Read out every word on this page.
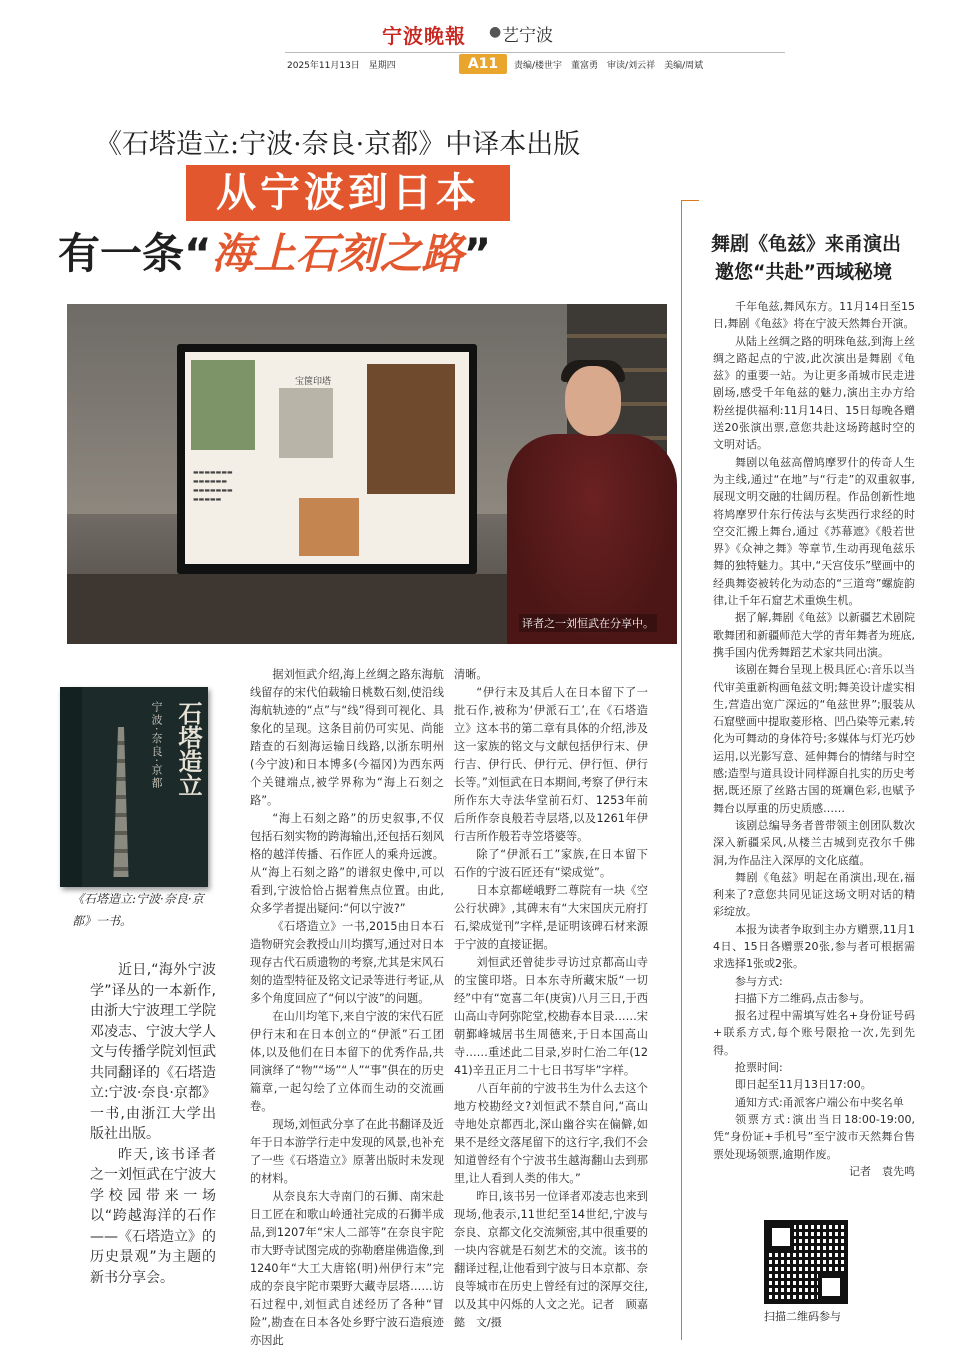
宁波晚報 ● 艺宁波
2025年11月13日　星期四	A11	责编/楼世宇　董富勇　审读/刘云祥　美编/周斌
《石塔造立:宁波·奈良·京都》中译本出版
从宁波到日本
有一条“海上石刻之路”
宝箧印塔
▬▬▬▬▬▬▬
▬▬▬▬▬▬
▬▬▬▬▬▬▬
▬▬▬▬▬
译者之一刘恒武在分享中。
石塔造立
宁波·奈良·京都
《石塔造立:宁波·奈良·京都》一书。

近日,“海外宁波学”译丛的一本新作,由浙大宁波理工学院邓凌志、宁波大学人文与传播学院刘恒武共同翻译的《石塔造立:宁波·奈良·京都》一书,由浙江大学出版社出版。

昨天,该书译者之一刘恒武在宁波大学校园带来一场以“跨越海洋的石作——《石塔造立》的历史景观”为主题的新书分享会。

据刘恒武介绍,海上丝绸之路东海航线留存的宋代伯载输日桃数石刻,使沿线海航轨迹的“点”与“线”得到可视化、具象化的呈现。这条目前仍可实见、尚能踏查的石刻海运输日线路,以浙东明州(今宁波)和日本博多(今福冈)为西东两个关键端点,被学界称为“海上石刻之路”。

“海上石刻之路”的历史叙事,不仅包括石刻实物的跨海输出,还包括石刻风格的越洋传播、石作匠人的乘舟远渡。从“海上石刻之路”的谱叙史像中,可以看到,宁波恰恰占据着焦点位置。由此,众多学者提出疑问:“何以宁波?”

《石塔造立》一书,2015由日本石造物研究会教授山川均撰写,通过对日本现存古代石质遗物的考察,尤其是宋风石刻的造型特征及铭文记录等进行考证,从多个角度回应了“何以宁波”的问题。

在山川均笔下,来自宁波的宋代石匠伊行末和在日本创立的“伊派”石工团体,以及他们在日本留下的优秀作品,共同演绎了“物”“场”“人”“事”俱在的历史篇章,一起勾绘了立体而生动的交流画卷。

现场,刘恒武分享了在此书翻译及近年于日本游学行走中发现的风景,也补充了一些《石塔造立》原著出版时未发现的材料。

从奈良东大寺南门的石狮、南宋赴日工匠在和歌山岭通社完成的石狮半成品,到1207年“宋人二部等”在奈良宇陀市大野寺试图完成的弥勒磨崖佛造像,到1240年“大工大唐铭(明)州伊行末”完成的奈良宇陀市栗野大藏寺层塔……访石过程中,刘恒武自述经历了各种“冒险”,勘查在日本各处乡野宁波石造痕迹亦因此

清晰。

“伊行末及其后人在日本留下了一批石作,被称为‘伊派石工’,在《石塔造立》这本书的第二章有具体的介绍,涉及这一家族的铭文与文献包括伊行末、伊行吉、伊行氏、伊行元、伊行恒、伊行长等。”刘恒武在日本期间,考察了伊行末所作东大寺法华堂前石灯、1253年前后所作奈良般若寺层塔,以及1261年伊行吉所作般若寺笠塔婆等。

除了“伊派石工”家族,在日本留下石作的宁波石匠还有“梁成觉”。

日本京都嵯峨野二尊院有一块《空公行状碑》,其碑末有“大宋国庆元府打石,梁成觉刊”字样,是证明该碑石材来源于宁波的直接证据。

刘恒武还曾徒步寻访过京都高山寺的宝箧印塔。日本东寺所藏宋版“一切经”中有“宽喜二年(庚寅)八月三日,于西山高山寺阿弥陀堂,校勘春本目录……宋朝鄞峰城居书生周德来,于日本国高山寺……重述此二目录,岁时仁治二年(1241)辛丑正月二十七日书写毕”字样。

八百年前的宁波书生为什么去这个地方校勘经文?刘恒武不禁自问,“高山寺地处京都西北,深山幽谷实在偏僻,如果不是经文落尾留下的这行字,我们不会知道曾经有个宁波书生越海翻山去到那里,让人看到人类的伟大。”

昨日,该书另一位译者邓凌志也来到现场,他表示,11世纪至14世纪,宁波与奈良、京都文化交流频密,其中很重要的一块内容就是石刻艺术的交流。该书的翻译过程,让他看到宁波与日本京都、奈良等城市在历史上曾经有过的深厚交往,以及其中闪烁的人文之光。记者　顾嘉懿　文/摄

舞剧《龟兹》来甬演出
邀您“共赴”西域秘境

千年龟兹,舞风东方。11月14日至15日,舞剧《龟兹》将在宁波天然舞台开演。

从陆上丝绸之路的明珠龟兹,到海上丝绸之路起点的宁波,此次演出是舞剧《龟兹》的重要一站。为让更多甬城市民走进剧场,感受千年龟兹的魅力,演出主办方给粉丝提供福利:11月14日、15日每晚各赠送20张演出票,意您共赴这场跨越时空的文明对话。

舞剧以龟兹高僧鸠摩罗什的传奇人生为主线,通过“在地”与“行走”的双重叙事,展现文明交融的壮阔历程。作品创新性地将鸠摩罗什东行传法与玄奘西行求经的时空交汇搬上舞台,通过《苏幕遮》《般若世界》《众神之舞》等章节,生动再现龟兹乐舞的独特魅力。其中,“天宫伎乐”壁画中的经典舞姿被转化为动态的“三道弯”螺旋韵律,让千年石窟艺术重焕生机。

据了解,舞剧《龟兹》以新疆艺术剧院歌舞团和新疆师范大学的青年舞者为班底,携手国内优秀舞蹈艺术家共同出演。

该剧在舞台呈现上极具匠心:音乐以当代审美重新构画龟兹文明;舞美设计虚实相生,营造出宽广深远的“龟兹世界”;服装从石窟壁画中提取菱形格、凹凸染等元素,转化为可舞动的身体符号;多媒体与灯光巧妙运用,以光影写意、延伸舞台的情绪与时空感;造型与道具设计同样源自扎实的历史考据,既还原了丝路古国的斑斓色彩,也赋予舞台以厚重的历史质感……

该剧总编导务者普带领主创团队数次深入新疆采风,从楼兰古城到克孜尔千佛洞,为作品注入深厚的文化底蕴。

舞剧《龟兹》明起在甬演出,现在,福利来了?意您共同见证这场文明对话的精彩绽放。

本报为读者争取到主办方赠票,11月14日、15日各赠票20张,参与者可根据需求选择1张或2张。

参与方式:

扫描下方二维码,点击参与。

报名过程中需填写姓名+身份证号码+联系方式,每个账号限抢一次,先到先得。

抢票时间:

即日起至11月13日17:00。

通知方式:甬派客户端公布中奖名单

领票方式:演出当日18:00-19:00,凭“身份证+手机号”至宁波市天然舞台售票处现场领票,逾期作废。

记者　袁先鸣

扫描二维码参与
